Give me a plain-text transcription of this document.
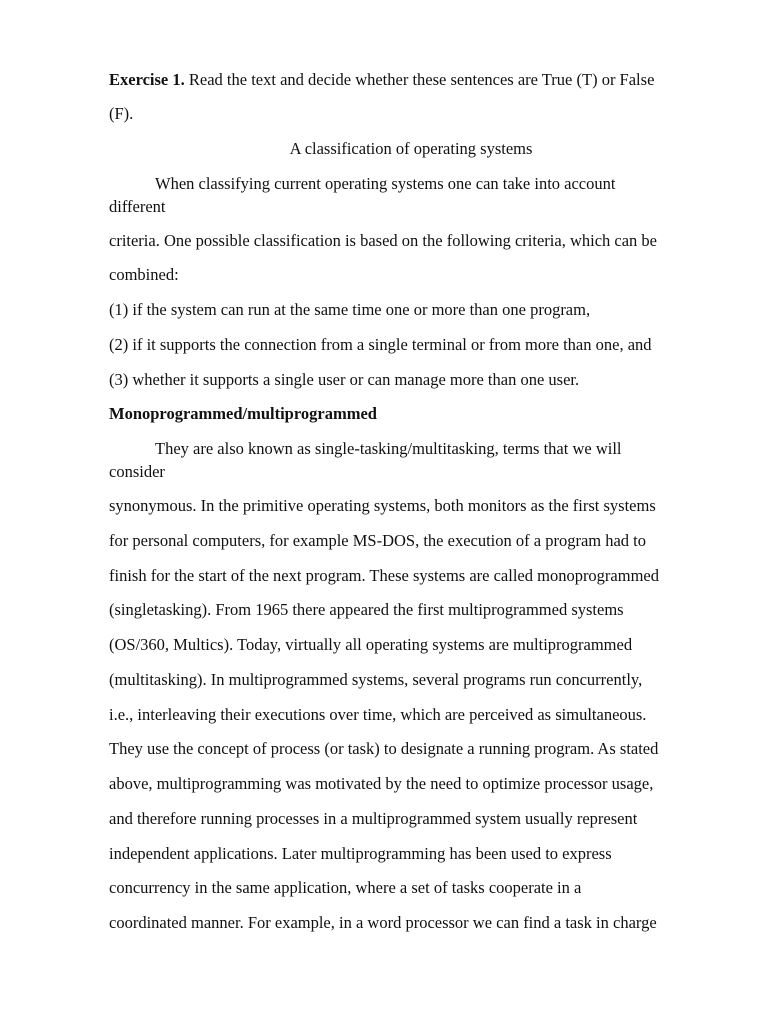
Exercise 1. Read the text and decide whether these sentences are True (T) or False
(F).
A classification of operating systems
When classifying current operating systems one can take into account
different
criteria. One possible classification is based on the following criteria, which can be
combined:
(1) if the system can run at the same time one or more than one program,
(2) if it supports the connection from a single terminal or from more than one, and
(3) whether it supports a single user or can manage more than one user.
Monoprogrammed/multiprogrammed
They are also known as single-tasking/multitasking, terms that we will
consider
synonymous. In the primitive operating systems, both monitors as the first systems
for personal computers, for example MS-DOS, the execution of a program had to
finish for the start of the next program. These systems are called monoprogrammed
(singletasking). From 1965 there appeared the first multiprogrammed systems
(OS/360, Multics). Today, virtually all operating systems are multiprogrammed
(multitasking). In multiprogrammed systems, several programs run concurrently,
i.e., interleaving their executions over time, which are perceived as simultaneous.
They use the concept of process (or task) to designate a running program. As stated
above, multiprogramming was motivated by the need to optimize processor usage,
and therefore running processes in a multiprogrammed system usually represent
independent applications. Later multiprogramming has been used to express
concurrency in the same application, where a set of tasks cooperate in a
coordinated manner. For example, in a word processor we can find a task in charge
